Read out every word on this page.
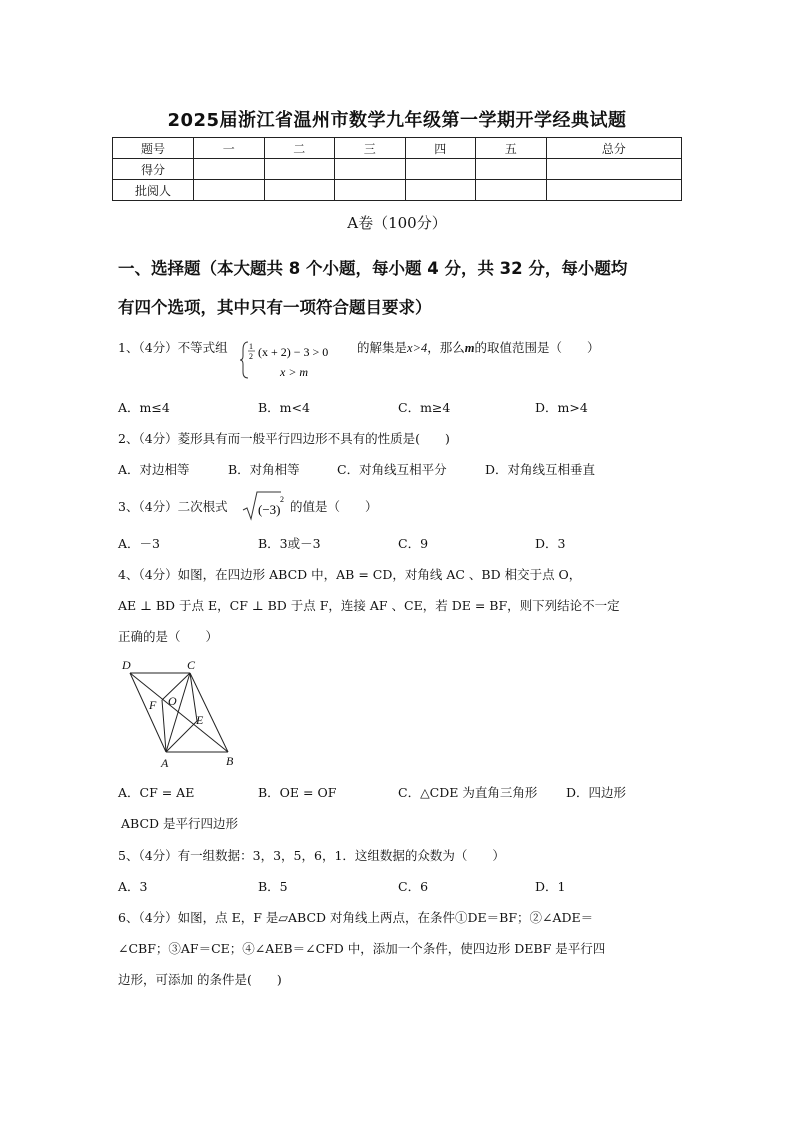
2025届浙江省温州市数学九年级第一学期开学经典试题
题号	一	二	三	四	五	总分
得分						
批阅人						
A卷（100分）
一、选择题（本大题共 8 个小题，每小题 4 分，共 32 分，每小题均
有四个选项，其中只有一项符合题目要求）
1、（4分）不等式组	1
2 (x + 2) − 3 > 0
x > m
的解集是x>4，那么m的取值范围是（　　）
A．m≤4	B．m<4	C．m≥4	D．m>4
2、（4分）菱形具有而一般平行四边形不具有的性质是(　　)
A．对边相等	B．对角相等	C．对角线互相平分	D．对角线互相垂直
3、（4分）二次根式 (−3)
2 的值是（　　）
A．－3	B．3或－3	C．9	D．3
4、（4分）如图，在四边形 ABCD 中，AB = CD，对角线 AC 、BD 相交于点 O，
AE ⊥ BD 于点 E，CF ⊥ BD 于点 F，连接 AF 、CE，若 DE = BF，则下列结论不一定
正确的是（　　）
D	C
F O
E
A	B
A．CF = AE	B．OE = OF	C．△CDE 为直角三角形 D．四边形
ABCD 是平行四边形
5、（4分）有一组数据：3，3，5，6，1．这组数据的众数为（　　）
A．3	B．5	C．6	D．1
6、（4分）如图，点 E，F 是▱ABCD 对角线上两点，在条件①DE＝BF；②∠ADE＝
∠CBF；③AF＝CE；④∠AEB＝∠CFD 中，添加一个条件，使四边形 DEBF 是平行四
边形，可添加 的条件是(　　)
